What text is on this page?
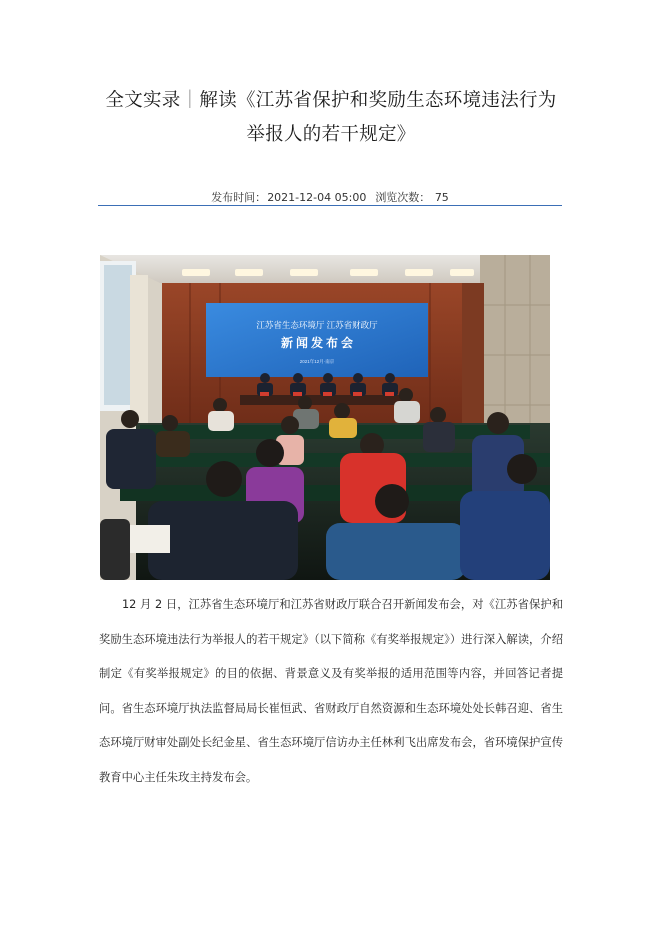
全文实录｜解读《江苏省保护和奖励生态环境违法行为举报人的若干规定》
发布时间：2021-12-04 05:00 浏览次数： 75
江苏省生态环境厅 江苏省财政厅
新 闻 发 布 会
2021年12月·南京

12 月 2 日，江苏省生态环境厅和江苏省财政厅联合召开新闻发布会，对《江苏省保护和奖励生态环境违法行为举报人的若干规定》（以下简称《有奖举报规定》）进行深入解读，介绍制定《有奖举报规定》的目的依据、背景意义及有奖举报的适用范围等内容，并回答记者提问。省生态环境厅执法监督局局长崔恒武、省财政厅自然资源和生态环境处处长韩召迎、省生态环境厅财审处副处长纪金星、省生态环境厅信访办主任林利飞出席发布会，省环境保护宣传教育中心主任朱玫主持发布会。
